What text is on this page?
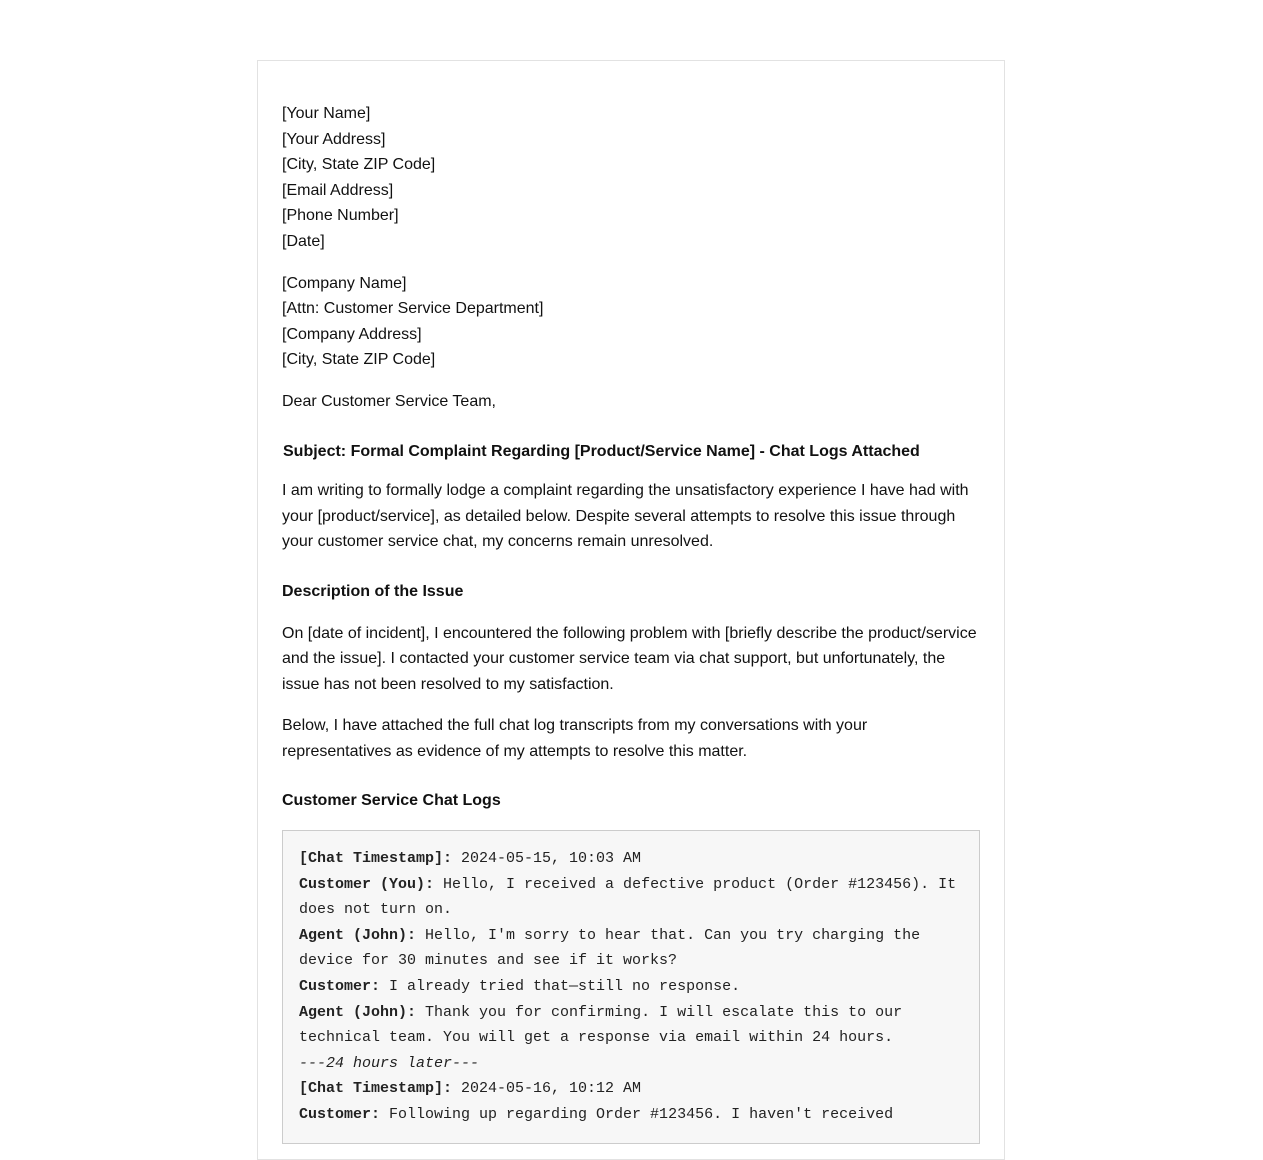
[Your Name]
[Your Address]
[City, State ZIP Code]
[Email Address]
[Phone Number]
[Date]
[Company Name]
[Attn: Customer Service Department]
[Company Address]
[City, State ZIP Code]
Dear Customer Service Team,
Subject: Formal Complaint Regarding [Product/Service Name] - Chat Logs Attached
I am writing to formally lodge a complaint regarding the unsatisfactory experience I have had with your [product/service], as detailed below. Despite several attempts to resolve this issue through your customer service chat, my concerns remain unresolved.
Description of the Issue
On [date of incident], I encountered the following problem with [briefly describe the product/service and the issue]. I contacted your customer service team via chat support, but unfortunately, the issue has not been resolved to my satisfaction.
Below, I have attached the full chat log transcripts from my conversations with your representatives as evidence of my attempts to resolve this matter.
Customer Service Chat Logs
[Chat Timestamp]: 2024-05-15, 10:03 AM
Customer (You): Hello, I received a defective product (Order #123456). It does not turn on.
Agent (John): Hello, I'm sorry to hear that. Can you try charging the device for 30 minutes and see if it works?
Customer: I already tried that—still no response.
Agent (John): Thank you for confirming. I will escalate this to our technical team. You will get a response via email within 24 hours.
---24 hours later---
[Chat Timestamp]: 2024-05-16, 10:12 AM
Customer: Following up regarding Order #123456. I haven't received
